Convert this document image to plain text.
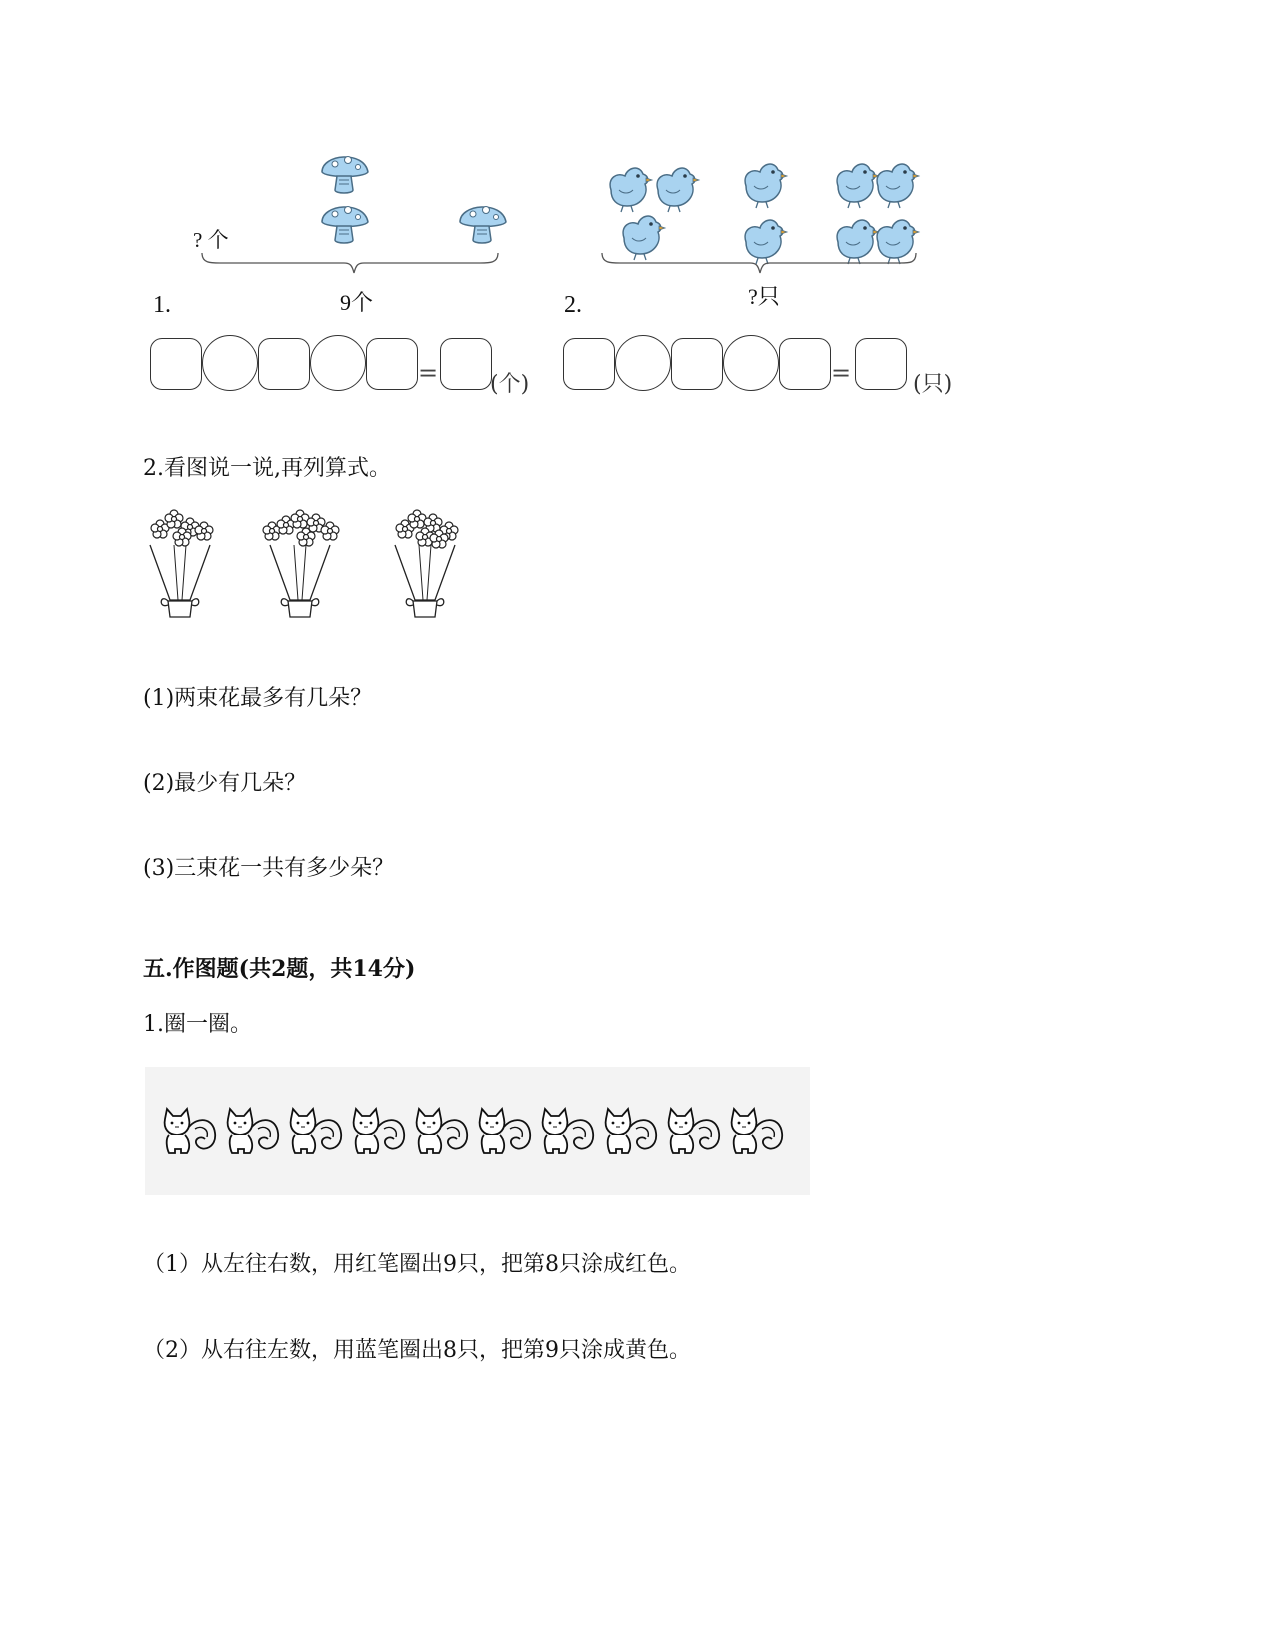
? 个
9个
1.	?只
2.
= (个)	=	(只)
2.看图说一说,再列算式。
(1)两束花最多有几朵？
(2)最少有几朵？
(3)三束花一共有多少朵？
五.作图题(共2题，共14分)
1.圈一圈。
（1）从左往右数，用红笔圈出9只，把第8只涂成红色。
（2）从右往左数，用蓝笔圈出8只，把第9只涂成黄色。
